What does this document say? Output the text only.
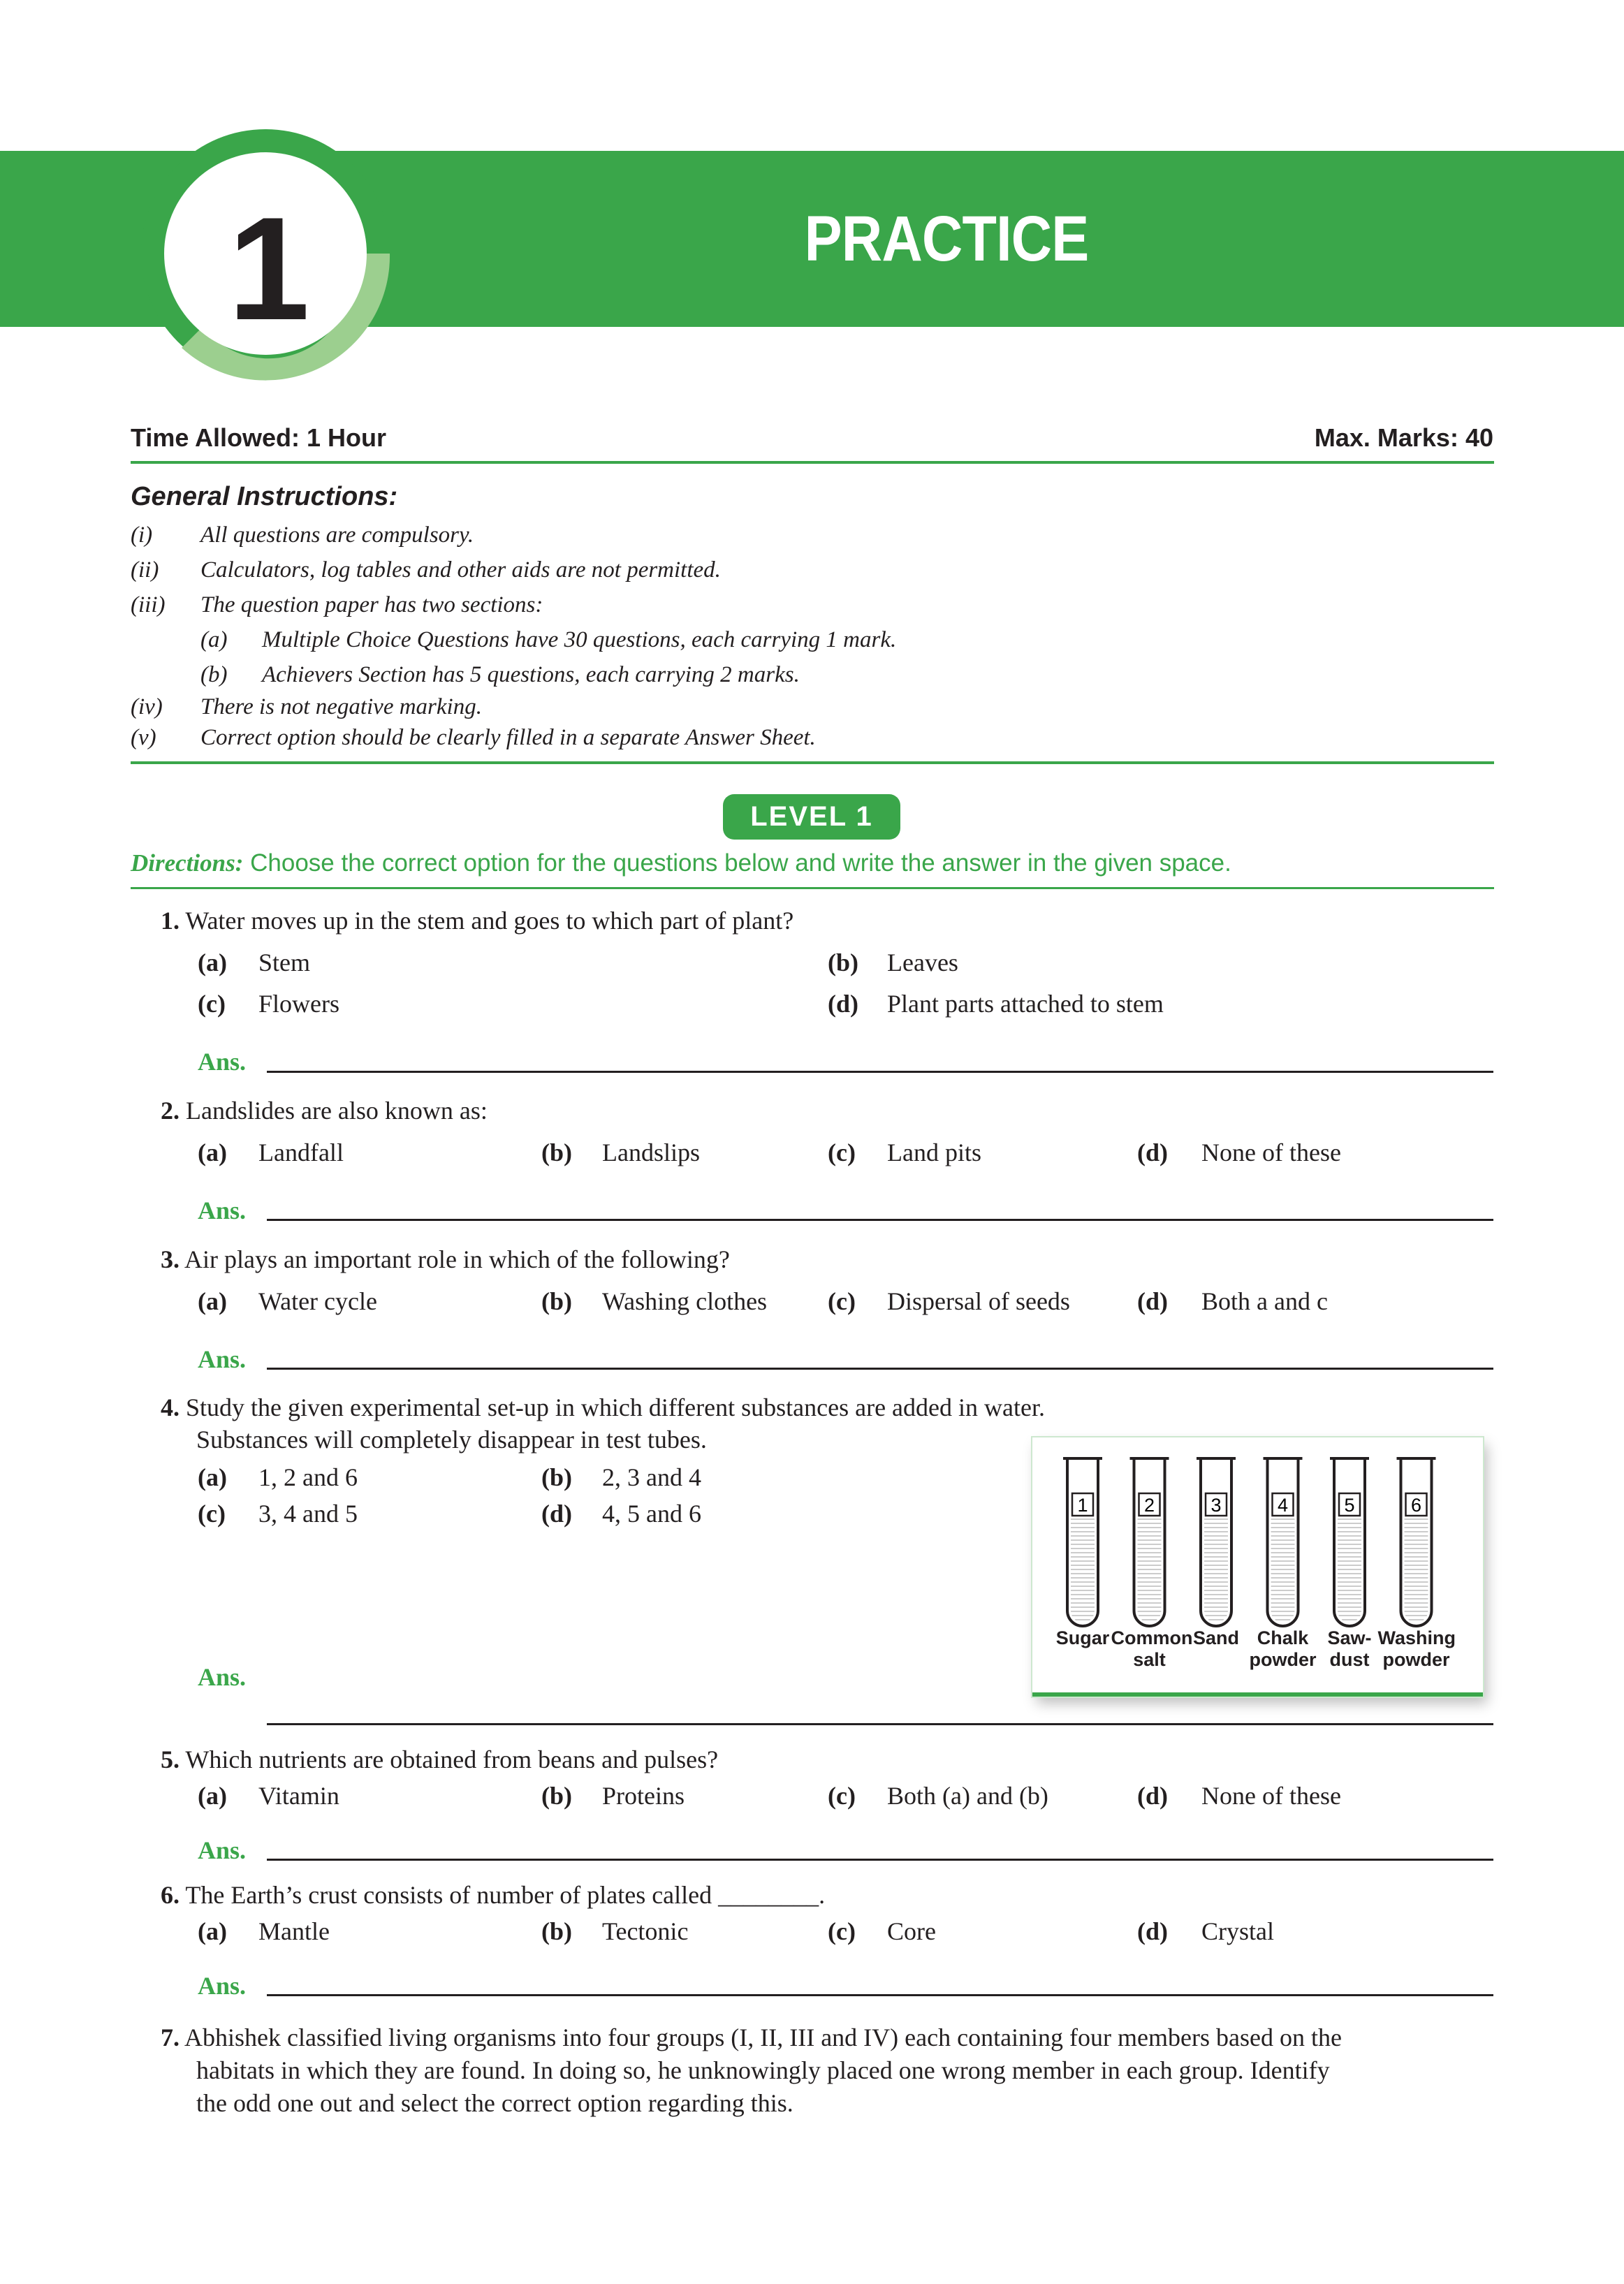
1	PRACTICE PAPER
Time Allowed: 1 Hour	Max. Marks: 40
General Instructions:
(i) All questions are compulsory.
(ii) Calculators, log tables and other aids are not permitted.
(iii) The question paper has two sections:
(a) Multiple Choice Questions have 30 questions, each carrying 1 mark.
(b) Achievers Section has 5 questions, each carrying 2 marks.
(iv) There is not negative marking.
(v) Correct option should be clearly filled in a separate Answer Sheet.
LEVEL 1
Directions: Choose the correct option for the questions below and write the answer in the given space.
1. Water moves up in the stem and goes to which part of plant?
(a) Stem	(b) Leaves
(c) Flowers	(d) Plant parts attached to stem
Ans.
2. Landslides are also known as:
(a) Landfall	(b) Landslips	(c) Land pits	(d) None of these
Ans.
3. Air plays an important role in which of the following?
(a) Water cycle	(b) Washing clothes (c) Dispersal of seeds	(d) Both a and c
Ans.
4. Study the given experimental set-up in which different substances are added in water.
Substances will completely disappear in test tubes.
(a) 1, 2 and 6	(b) 2, 3 and 4
(c) 3, 4 and 5	(d) 4, 5 and 6	1	2	3	4	5	6
Sugar Common
salt
Sand Chalk
powder
Saw-
dust
Washing
powder
Ans.
5. Which nutrients are obtained from beans and pulses?
(a) Vitamin	(b) Proteins	(c) Both (a) and (b)	(d) None of these
Ans.
6. The Earth’s crust consists of number of plates called ________.
(a) Mantle	(b) Tectonic	(c) Core	(d) Crystal
Ans.
7. Abhishek classified living organisms into four groups (I, II, III and IV) each containing four members based on the
habitats in which they are found. In doing so, he unknowingly placed one wrong member in each group. Identify
the odd one out and select the correct option regarding this.
